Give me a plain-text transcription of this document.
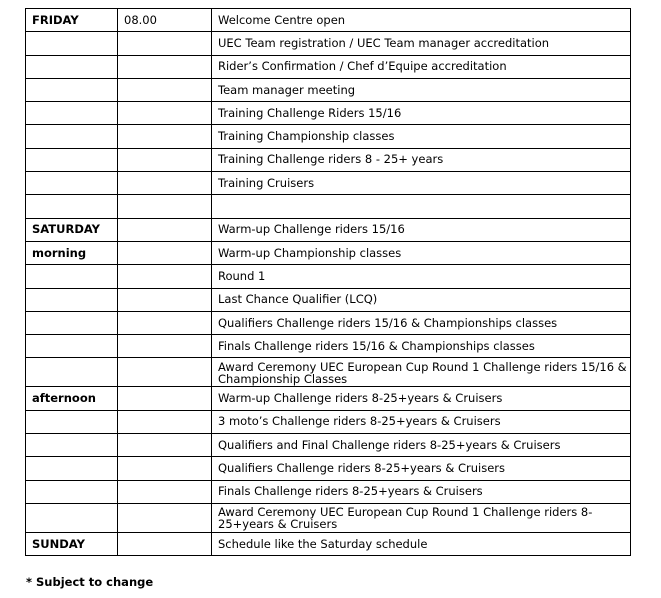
FRIDAY	08.00	Welcome Centre open
		UEC Team registration / UEC Team manager accreditation
		Rider’s Confirmation / Chef d’Equipe accreditation
		Team manager meeting
		Training Challenge Riders 15/16
		Training Championship classes
		Training Challenge riders 8 - 25+ years
		Training Cruisers

SATURDAY		Warm-up Challenge riders 15/16
morning		Warm-up Championship classes
		Round 1
		Last Chance Qualifier (LCQ)
		Qualifiers Challenge riders 15/16 & Championships classes
		Finals Challenge riders 15/16 & Championships classes
		Award Ceremony UEC European Cup Round 1 Challenge riders 15/16 & Championship Classes
afternoon		Warm-up Challenge riders 8-25+years & Cruisers
		3 moto’s Challenge riders 8-25+years & Cruisers
		Qualifiers and Final Challenge riders 8-25+years & Cruisers
		Qualifiers Challenge riders 8-25+years & Cruisers
		Finals Challenge riders 8-25+years & Cruisers
		Award Ceremony UEC European Cup Round 1 Challenge riders 8-25+years & Cruisers
SUNDAY		Schedule like the Saturday schedule
* Subject to change
